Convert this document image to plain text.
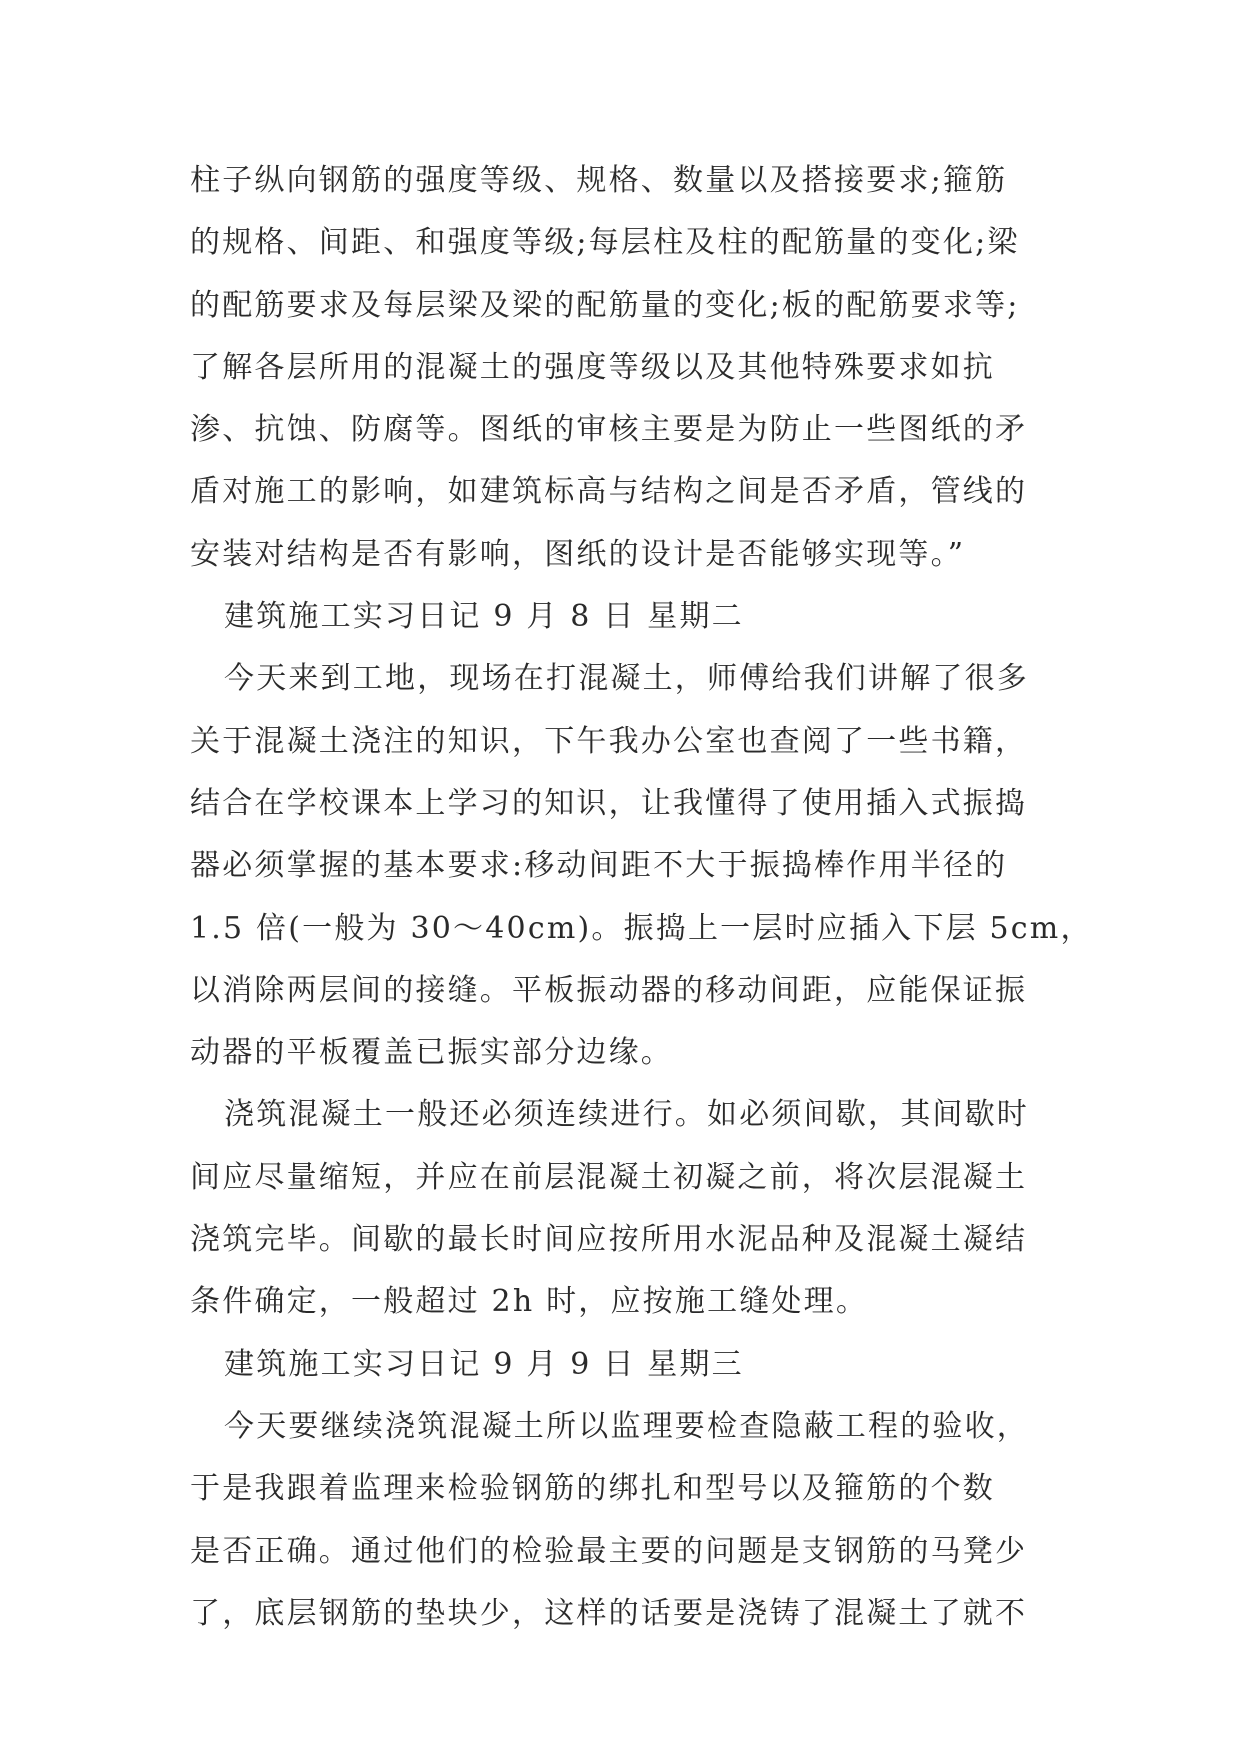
柱子纵向钢筋的强度等级、规格、数量以及搭接要求;箍筋
的规格、间距、和强度等级;每层柱及柱的配筋量的变化;梁
的配筋要求及每层梁及梁的配筋量的变化;板的配筋要求等;
了解各层所用的混凝土的强度等级以及其他特殊要求如抗
渗、抗蚀、防腐等。图纸的审核主要是为防止一些图纸的矛
盾对施工的影响，如建筑标高与结构之间是否矛盾，管线的
安装对结构是否有影响，图纸的设计是否能够实现等。”
建筑施工实习日记 9 月 8 日 星期二
今天来到工地，现场在打混凝土，师傅给我们讲解了很多
关于混凝土浇注的知识，下午我办公室也查阅了一些书籍，
结合在学校课本上学习的知识，让我懂得了使用插入式振捣
器必须掌握的基本要求:移动间距不大于振捣棒作用半径的
1.5 倍(一般为 30～40cm)。振捣上一层时应插入下层 5cm，
以消除两层间的接缝。平板振动器的移动间距，应能保证振
动器的平板覆盖已振实部分边缘。
浇筑混凝土一般还必须连续进行。如必须间歇，其间歇时
间应尽量缩短，并应在前层混凝土初凝之前，将次层混凝土
浇筑完毕。间歇的最长时间应按所用水泥品种及混凝土凝结
条件确定，一般超过 2h 时，应按施工缝处理。
建筑施工实习日记 9 月 9 日 星期三
今天要继续浇筑混凝土所以监理要检查隐蔽工程的验收，
于是我跟着监理来检验钢筋的绑扎和型号以及箍筋的个数
是否正确。通过他们的检验最主要的问题是支钢筋的马凳少
了，底层钢筋的垫块少，这样的话要是浇铸了混凝土了就不
